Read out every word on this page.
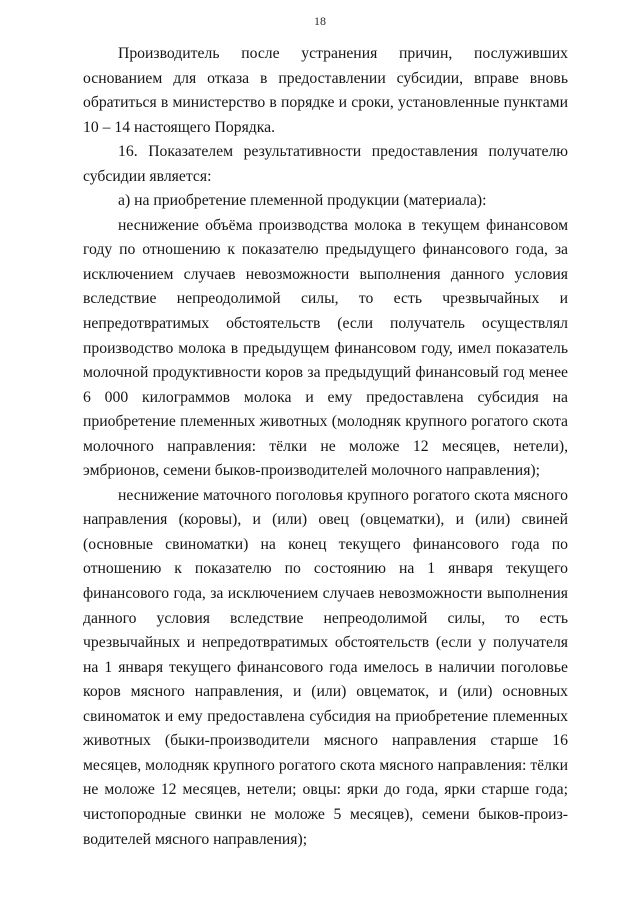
18

Производитель после устранения причин, послуживших основанием для отказа в предоставлении субсидии, вправе вновь обратиться в министерство в порядке и сроки, установленные пунктами 10 – 14 настоящего Порядка.

16. Показателем результативности предоставления получателю субсидии является:

а) на приобретение племенной продукции (материала):

неснижение объёма производства молока в текущем финансовом году по отношению к показателю предыдущего финансового года, за исключением случаев невозможности выполнения данного условия вследствие непреодолимой силы, то есть чрезвычайных и непредотвратимых обстоятельств (если получатель осуществлял производство молока в предыдущем финансовом году, имел показатель молочной продуктивности коров за предыдущий финансовый год менее 6 000 килограммов молока и ему предоставлена субсидия на приобретение племенных животных (молодняк крупного рогатого скота молочного направления: тёлки не моложе 12 месяцев, нетели), эмбрионов, семени быков-производителей молочного направления);

неснижение маточного поголовья крупного рогатого скота мясного направления (коровы), и (или) овец (овцематки), и (или) свиней (основные свиноматки) на конец текущего финансового года по отношению к показателю по состоянию на 1 января текущего финансового года, за исключением случаев невозможности выполнения данного условия вследствие непреодолимой силы, то есть чрезвычайных и непредотвратимых обстоятельств (если у получателя на 1 января текущего финансового года имелось в наличии поголовье коров мясного направления, и (или) овцематок, и (или) основных свиноматок и ему предоставлена субсидия на приобретение племенных животных (быки-производители мясного направления старше 16 месяцев, молодняк крупного рогатого скота мясного направления: тёлки не моложе 12 месяцев, нетели; овцы: ярки до года, ярки старше года; чистопородные свинки не моложе 5 месяцев), семени быков-производителей мясного направления);
